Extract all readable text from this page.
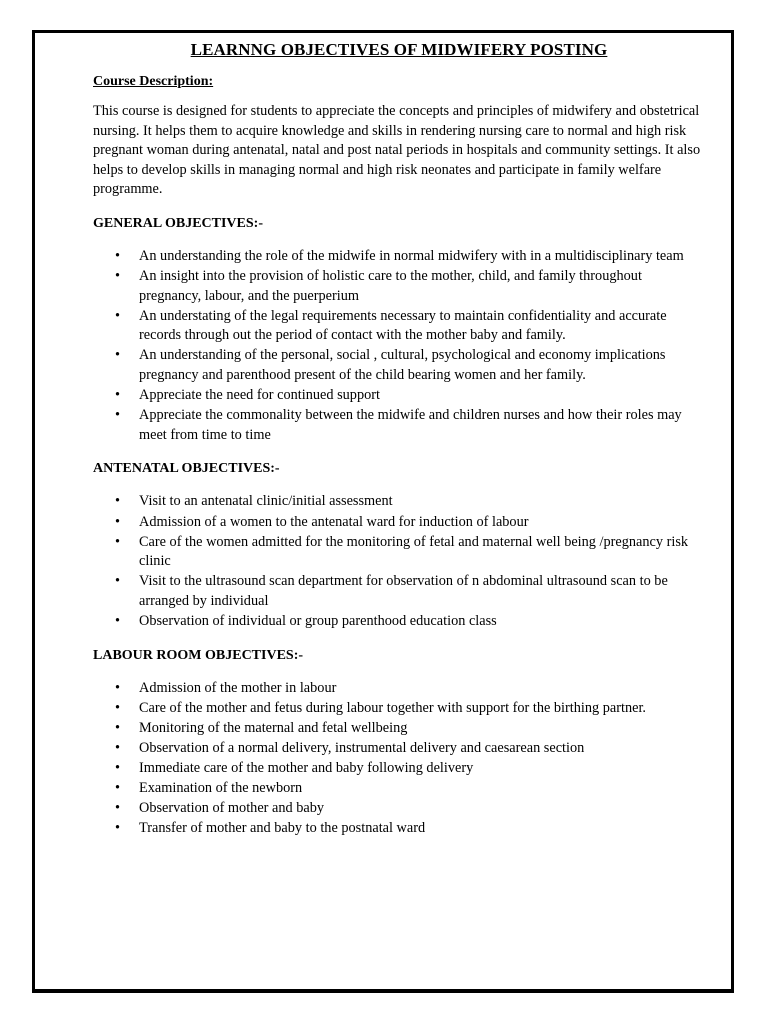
LEARNNG OBJECTIVES OF MIDWIFERY POSTING
Course Description:
This course is designed for students to appreciate the concepts and principles of midwifery and obstetrical nursing. It helps them to acquire knowledge and skills in rendering nursing care to normal and high risk pregnant woman during antenatal, natal and post natal periods in hospitals and community settings. It also helps to develop skills in managing normal and high risk neonates and participate in family welfare programme.
GENERAL OBJECTIVES:-
• An understanding the role of the midwife in normal midwifery with in a multidisciplinary team
• An insight into the provision of holistic care to the mother, child, and family throughout pregnancy, labour, and the puerperium
• An understating of the legal requirements necessary to maintain confidentiality and accurate records through out the period of contact with the mother baby and family.
• An understanding of the personal, social , cultural, psychological and economy implications pregnancy and parenthood present of the child bearing women and her family.
• Appreciate the need for continued support
• Appreciate the commonality between the midwife and children nurses and how their roles may meet from time to time
ANTENATAL OBJECTIVES:-
• Visit to an antenatal clinic/initial assessment
• Admission of a women to the antenatal ward for induction of labour
• Care of the women admitted for the monitoring of fetal and maternal well being /pregnancy risk clinic
• Visit to the ultrasound scan department for observation of n abdominal ultrasound scan to be arranged by individual
• Observation of individual or group parenthood education class
LABOUR ROOM OBJECTIVES:-
• Admission of the mother in labour
• Care of the mother and fetus during labour together with support for the birthing partner.
• Monitoring of the maternal and fetal wellbeing
• Observation of a normal delivery, instrumental delivery and caesarean section
• Immediate care of the mother and baby following delivery
• Examination of the newborn
• Observation of mother and baby
• Transfer of mother and baby to the postnatal ward
